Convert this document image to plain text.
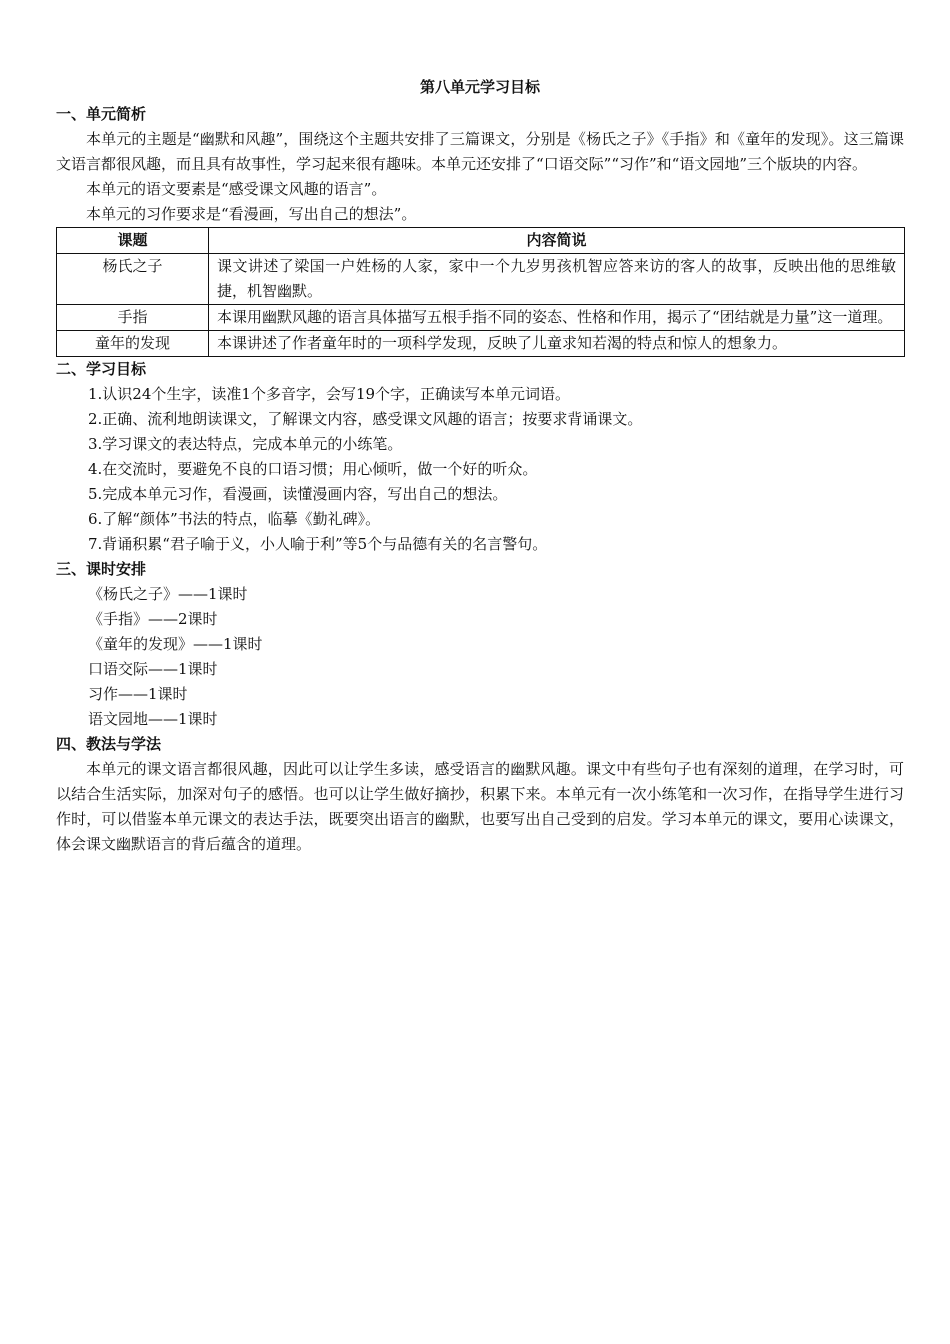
第八单元学习目标
一、单元简析

本单元的主题是“幽默和风趣”，围绕这个主题共安排了三篇课文，分别是《杨氏之子》《手指》和《童年的发现》。这三篇课文语言都很风趣，而且具有故事性，学习起来很有趣味。本单元还安排了“口语交际”“习作”和“语文园地”三个版块的内容。

本单元的语文要素是“感受课文风趣的语言”。

本单元的习作要求是“看漫画，写出自己的想法”。

课题	内容简说
杨氏之子	课文讲述了梁国一户姓杨的人家，家中一个九岁男孩机智应答来访的客人的故事，反映出他的思维敏捷，机智幽默。
手指	本课用幽默风趣的语言具体描写五根手指不同的姿态、性格和作用，揭示了“团结就是力量”这一道理。
童年的发现	本课讲述了作者童年时的一项科学发现，反映了儿童求知若渴的特点和惊人的想象力。
二、学习目标
1.认识24个生字，读准1个多音字，会写19个字，正确读写本单元词语。
2.正确、流利地朗读课文，了解课文内容，感受课文风趣的语言；按要求背诵课文。
3.学习课文的表达特点，完成本单元的小练笔。
4.在交流时，要避免不良的口语习惯；用心倾听，做一个好的听众。
5.完成本单元习作，看漫画，读懂漫画内容，写出自己的想法。
6.了解“颜体”书法的特点，临摹《勤礼碑》。
7.背诵积累“君子喻于义，小人喻于利”等5个与品德有关的名言警句。
三、课时安排
《杨氏之子》——1课时
《手指》——2课时
《童年的发现》——1课时
口语交际——1课时
习作——1课时
语文园地——1课时
四、教法与学法

本单元的课文语言都很风趣，因此可以让学生多读，感受语言的幽默风趣。课文中有些句子也有深刻的道理，在学习时，可以结合生活实际，加深对句子的感悟。也可以让学生做好摘抄，积累下来。本单元有一次小练笔和一次习作，在指导学生进行习作时，可以借鉴本单元课文的表达手法，既要突出语言的幽默，也要写出自己受到的启发。学习本单元的课文，要用心读课文，体会课文幽默语言的背后蕴含的道理。
